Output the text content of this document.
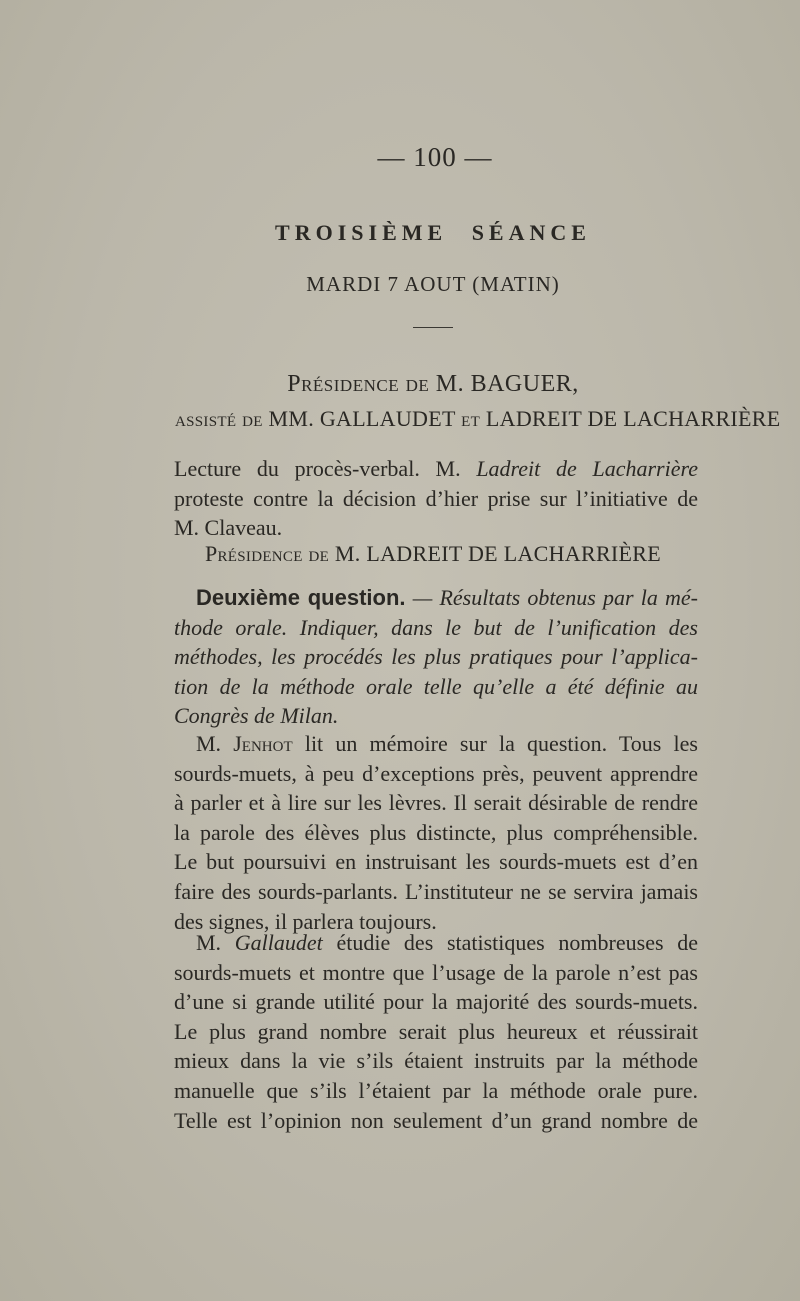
— 100 —
TROISIÈME SÉANCE
MARDI 7 AOUT (MATIN)
Présidence de M. BAGUER,
assisté de MM. GALLAUDET et LADREIT DE LACHARRIÈRE
Lecture du procès-verbal. M. Ladreit de Lacharrière
proteste contre la décision d’hier prise sur l’initiative de
M. Claveau.
Présidence de M. LADREIT DE LACHARRIÈRE
Deuxième question. — Résultats obtenus par la mé-
thode orale. Indiquer, dans le but de l’unification des
méthodes, les procédés les plus pratiques pour l’applica-
tion de la méthode orale telle qu’elle a été définie au
Congrès de Milan.
M. Jenhot lit un mémoire sur la question. Tous les
sourds-muets, à peu d’exceptions près, peuvent apprendre
à parler et à lire sur les lèvres. Il serait désirable de rendre
la parole des élèves plus distincte, plus compréhensible.
Le but poursuivi en instruisant les sourds-muets est d’en
faire des sourds-parlants. L’instituteur ne se servira jamais
des signes, il parlera toujours.
M. Gallaudet étudie des statistiques nombreuses de
sourds-muets et montre que l’usage de la parole n’est pas
d’une si grande utilité pour la majorité des sourds-muets.
Le plus grand nombre serait plus heureux et réussirait
mieux dans la vie s’ils étaient instruits par la méthode
manuelle que s’ils l’étaient par la méthode orale pure.
Telle est l’opinion non seulement d’un grand nombre de
